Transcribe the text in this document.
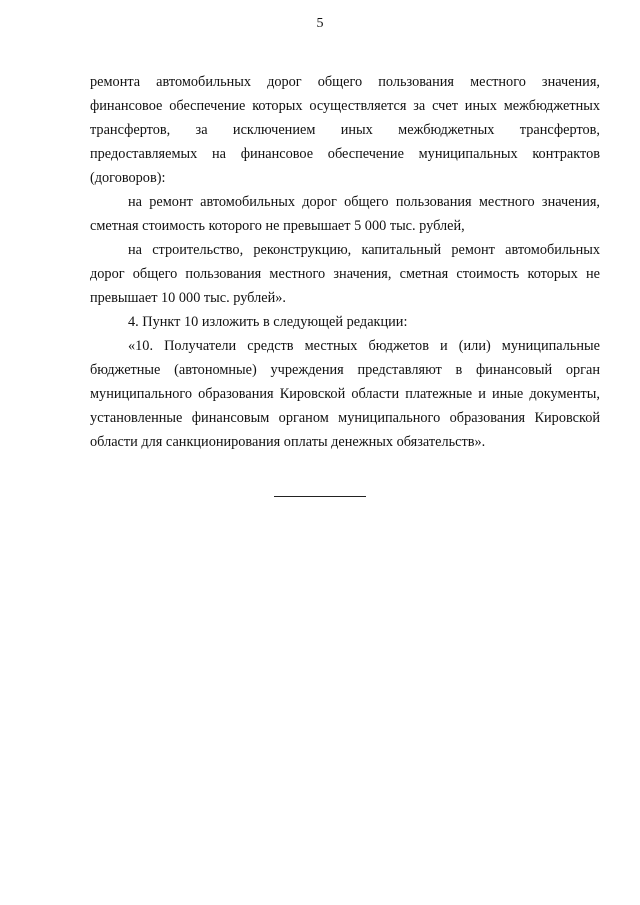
5

ремонта автомобильных дорог общего пользования местного значения, финансовое обеспечение которых осуществляется за счет иных межбюджетных трансфертов, за исключением иных межбюджетных трансфертов, предоставляемых на финансовое обеспечение муниципальных контрактов (договоров):

на ремонт автомобильных дорог общего пользования местного значения, сметная стоимость которого не превышает 5 000 тыс. рублей,

на строительство, реконструкцию, капитальный ремонт автомобильных дорог общего пользования местного значения, сметная стоимость которых не превышает 10 000 тыс. рублей».

4. Пункт 10 изложить в следующей редакции:

«10. Получатели средств местных бюджетов и (или) муниципальные бюджетные (автономные) учреждения представляют в финансовый орган муниципального образования Кировской области платежные и иные документы, установленные финансовым органом муниципального образования Кировской области для санкционирования оплаты денежных обязательств».
